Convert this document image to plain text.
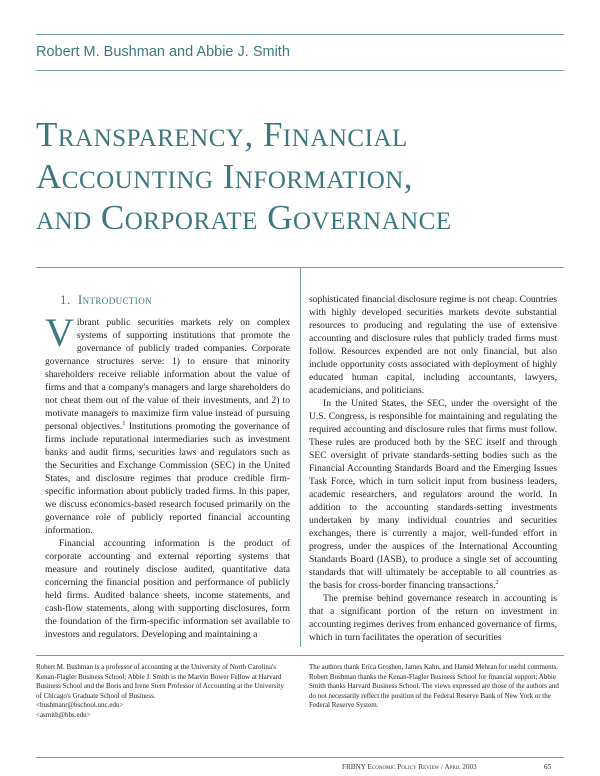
Robert M. Bushman and Abbie J. Smith
Transparency, Financial
Accounting Information,
and Corporate Governance
1. Introduction

Vibrant public securities markets rely on complex systems of supporting institutions that promote the governance of publicly traded companies. Corporate governance structures serve: 1) to ensure that minority shareholders receive reliable information about the value of firms and that a company's managers and large shareholders do not cheat them out of the value of their investments, and 2) to motivate managers to maximize firm value instead of pursuing personal objectives.$^1$ Institutions promoting the governance of firms include reputational intermediaries such as investment banks and audit firms, securities laws and regulators such as the Securities and Exchange Commission (SEC) in the United States, and disclosure regimes that produce credible firm-specific information about publicly traded firms. In this paper, we discuss economics-based research focused primarily on the governance role of publicly reported financial accounting information.

Financial accounting information is the product of corporate accounting and external reporting systems that measure and routinely disclose audited, quantitative data concerning the financial position and performance of publicly held firms. Audited balance sheets, income statements, and cash-flow statements, along with supporting disclosures, form the foundation of the firm-specific information set available to investors and regulators. Developing and maintaining a

sophisticated financial disclosure regime is not cheap. Countries with highly developed securities markets devote substantial resources to producing and regulating the use of extensive accounting and disclosure rules that publicly traded firms must follow. Resources expended are not only financial, but also include opportunity costs associated with deployment of highly educated human capital, including accountants, lawyers, academicians, and politicians.

In the United States, the SEC, under the oversight of the U.S. Congress, is responsible for maintaining and regulating the required accounting and disclosure rules that firms must follow. These rules are produced both by the SEC itself and through SEC oversight of private standards-setting bodies such as the Financial Accounting Standards Board and the Emerging Issues Task Force, which in turn solicit input from business leaders, academic researchers, and regulators around the world. In addition to the accounting standards-setting investments undertaken by many individual countries and securities exchanges, there is currently a major, well-funded effort in progress, under the auspices of the International Accounting Standards Board (IASB), to produce a single set of accounting standards that will ultimately be acceptable to all countries as the basis for cross-border financing transactions.$^2$

The premise behind governance research in accounting is that a significant portion of the return on investment in accounting regimes derives from enhanced governance of firms, which in turn facilitates the operation of securities

Robert M. Bushman is a professor of accounting at the University of North Carolina's Kenan-Flagler Business School; Abbie J. Smith is the Marvin Bower Fellow at Harvard Business School and the Boris and Irene Stern Professor of Accounting at the University of Chicago's Graduate School of Business.
<bushmanr@bschool.unc.edu>
<asmith@hbs.edu>
The authors thank Erica Groshen, James Kahn, and Hamid Mehran for useful comments. Robert Bushman thanks the Kenan-Flagler Business School for financial support; Abbie Smith thanks Harvard Business School. The views expressed are those of the authors and do not necessarily reflect the position of the Federal Reserve Bank of New York or the Federal Reserve System.
FRBNY Economic Policy Review / April 2003	65
